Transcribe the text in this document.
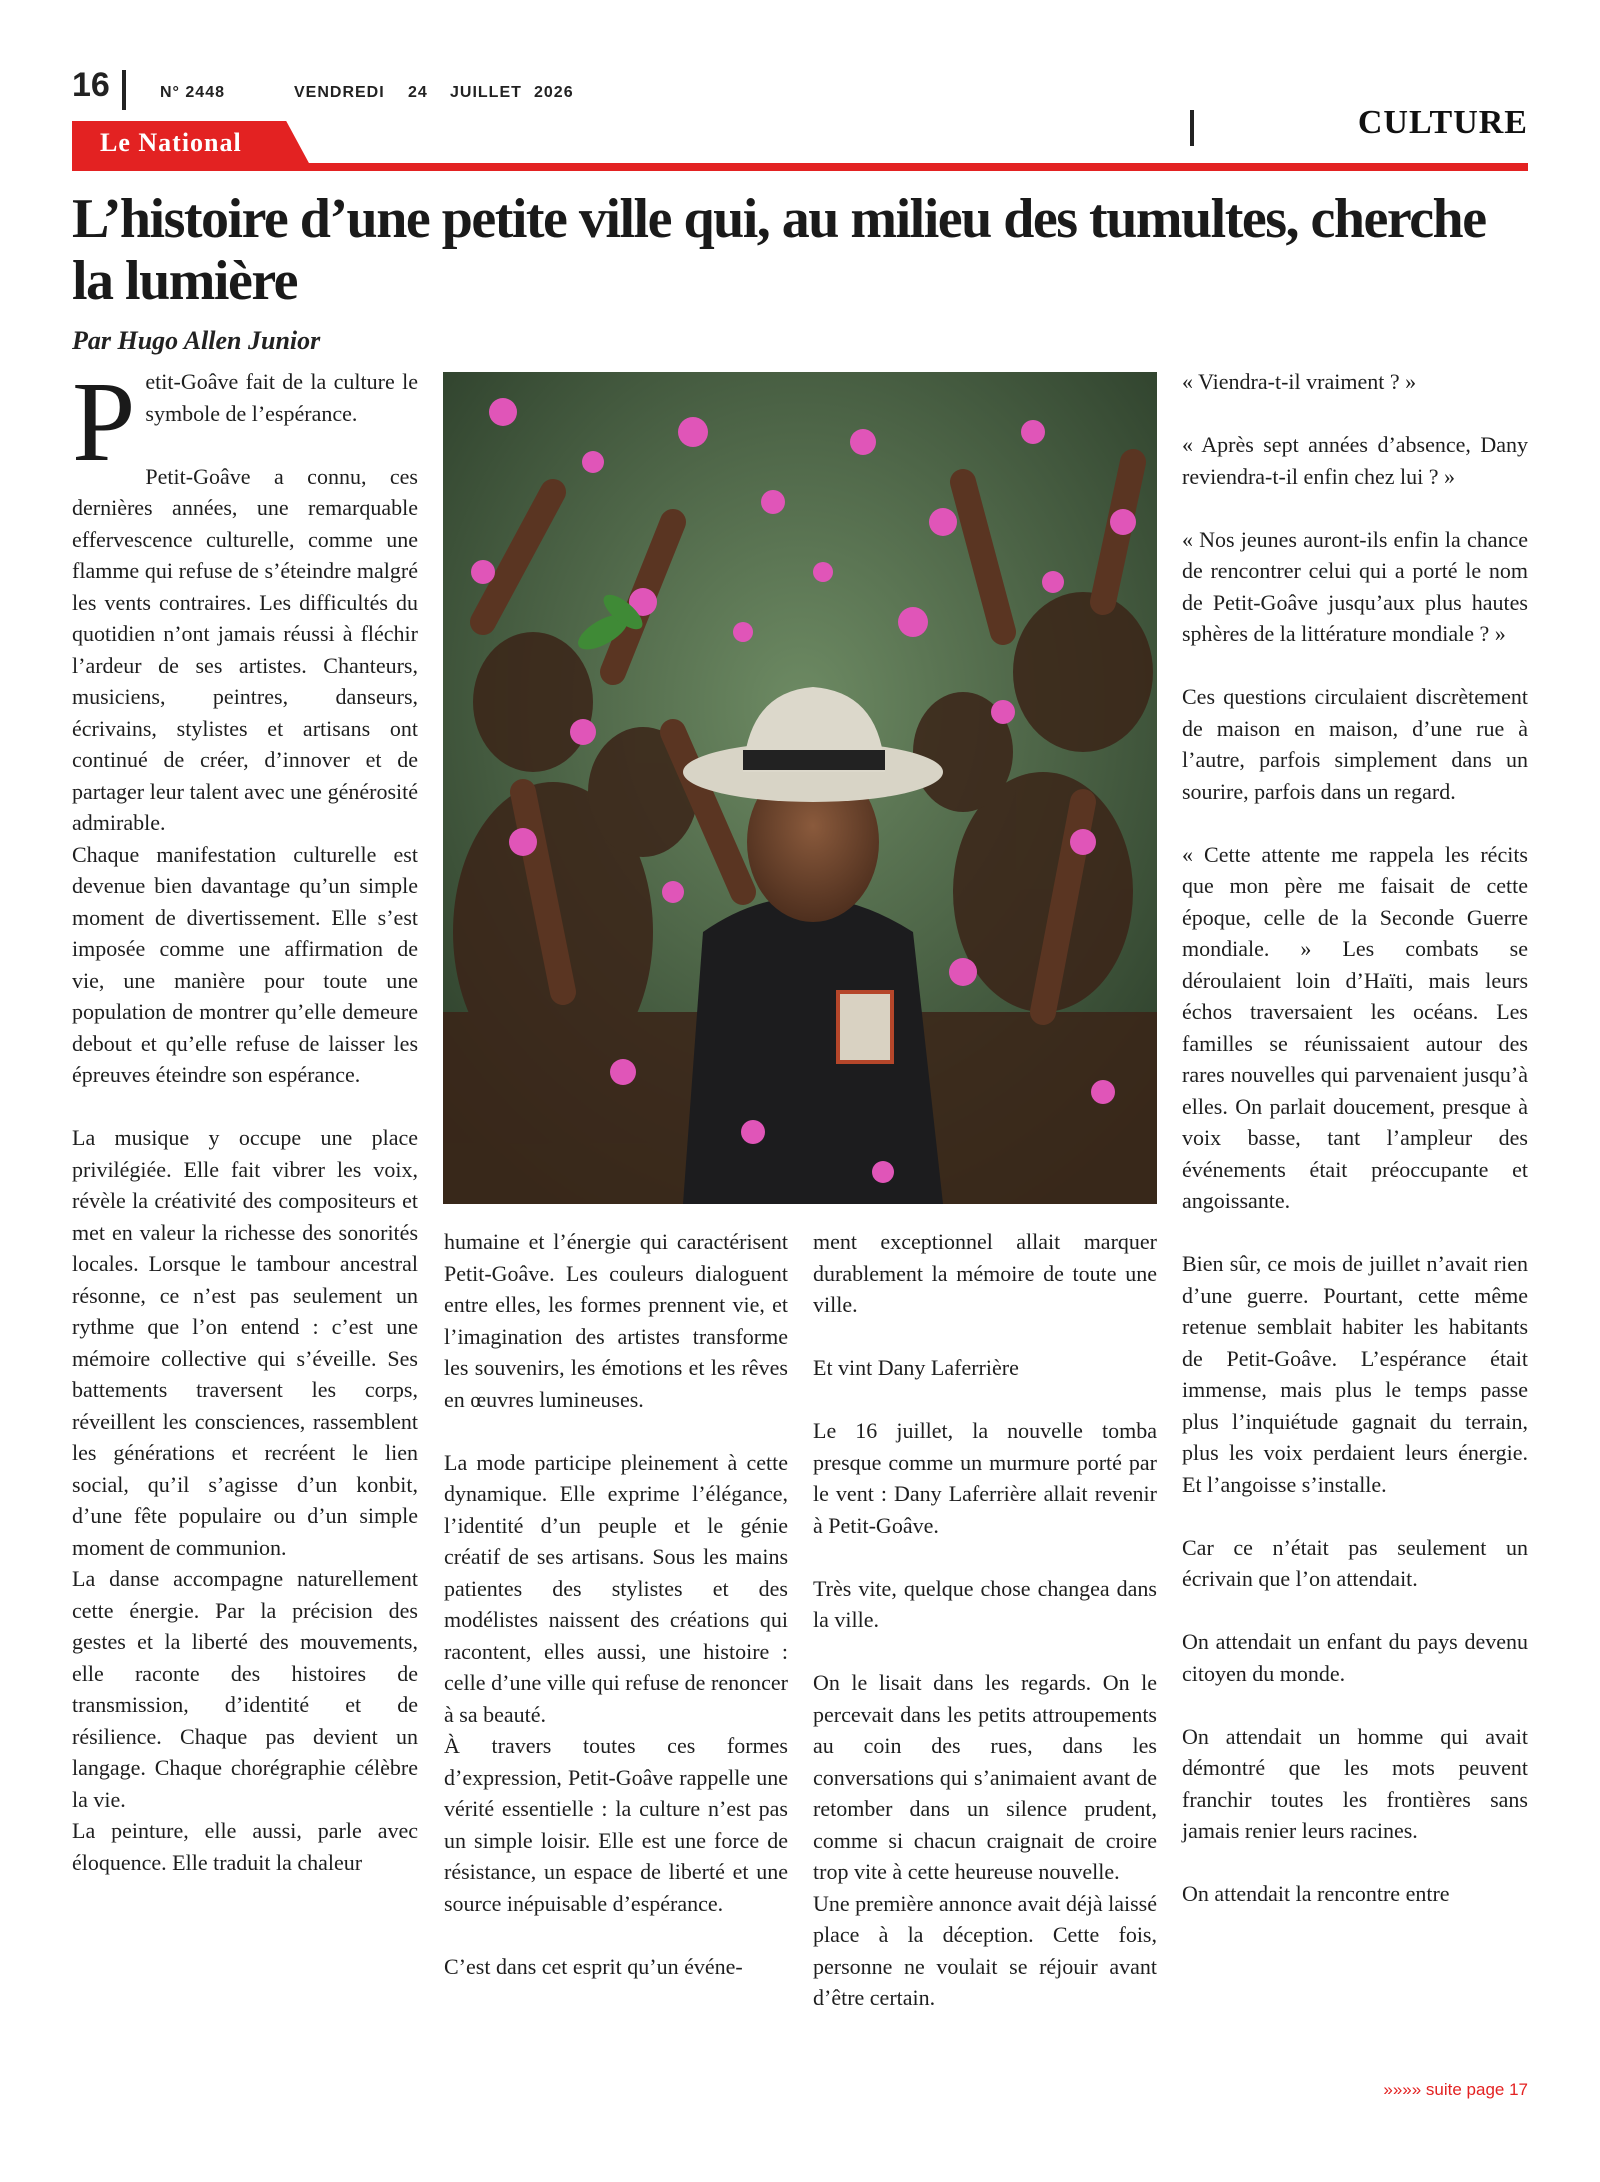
16	N° 2448	VENDREDI 24 JUILLET 2026
CULTURE
Le National
L’histoire d’une petite ville qui, au milieu des tumultes, cherche la lumière
Par Hugo Allen Junior

Petit-Goâve fait de la culture le symbole de l’espérance.

Petit-Goâve a connu, ces dernières années, une remarquable effervescence culturelle, comme une flamme qui refuse de s’éteindre malgré les vents contraires. Les difficultés du quotidien n’ont jamais réussi à fléchir l’ardeur de ses artistes. Chanteurs, musiciens, peintres, danseurs, écrivains, stylistes et artisans ont continué de créer, d’innover et de partager leur talent avec une générosité admirable.

Chaque manifestation culturelle est devenue bien davantage qu’un simple moment de divertissement. Elle s’est imposée comme une affirmation de vie, une manière pour toute une population de montrer qu’elle demeure debout et qu’elle refuse de laisser les épreuves éteindre son espérance.

La musique y occupe une place privilégiée. Elle fait vibrer les voix, révèle la créativité des compositeurs et met en valeur la richesse des sonorités locales. Lorsque le tambour ancestral résonne, ce n’est pas seulement un rythme que l’on entend : c’est une mémoire collective qui s’éveille. Ses battements traversent les corps, réveillent les consciences, rassemblent les générations et recréent le lien social, qu’il s’agisse d’un konbit, d’une fête populaire ou d’un simple moment de communion.

La danse accompagne naturellement cette énergie. Par la précision des gestes et la liberté des mouvements, elle raconte des histoires de transmission, d’identité et de résilience. Chaque pas devient un langage. Chaque chorégraphie célèbre la vie.

La peinture, elle aussi, parle avec éloquence. Elle traduit la chaleur

humaine et l’énergie qui caractérisent Petit-Goâve. Les couleurs dialoguent entre elles, les formes prennent vie, et l’imagination des artistes transforme les souvenirs, les émotions et les rêves en œuvres lumineuses.

La mode participe pleinement à cette dynamique. Elle exprime l’élégance, l’identité d’un peuple et le génie créatif de ses artisans. Sous les mains patientes des stylistes et des modélistes naissent des créations qui racontent, elles aussi, une histoire : celle d’une ville qui refuse de renoncer à sa beauté.

À travers toutes ces formes d’expression, Petit-Goâve rappelle une vérité essentielle : la culture n’est pas un simple loisir. Elle est une force de résistance, un espace de liberté et une source inépuisable d’espérance.

C’est dans cet esprit qu’un événe-

ment exceptionnel allait marquer durablement la mémoire de toute une ville.

Et vint Dany Laferrière

Le 16 juillet, la nouvelle tomba presque comme un murmure porté par le vent : Dany Laferrière allait revenir à Petit-Goâve.

Très vite, quelque chose changea dans la ville.

On le lisait dans les regards. On le percevait dans les petits attroupements au coin des rues, dans les conversations qui s’animaient avant de retomber dans un silence prudent, comme si chacun craignait de croire trop vite à cette heureuse nouvelle.

Une première annonce avait déjà laissé place à la déception. Cette fois, personne ne voulait se réjouir avant d’être certain.

« Viendra-t-il vraiment ? »

« Après sept années d’absence, Dany reviendra-t-il enfin chez lui ? »

« Nos jeunes auront-ils enfin la chance de rencontrer celui qui a porté le nom de Petit-Goâve jusqu’aux plus hautes sphères de la littérature mondiale ? »

Ces questions circulaient discrètement de maison en maison, d’une rue à l’autre, parfois simplement dans un sourire, parfois dans un regard.

« Cette attente me rappela les récits que mon père me faisait de cette époque, celle de la Seconde Guerre mondiale. » Les combats se déroulaient loin d’Haïti, mais leurs échos traversaient les océans. Les familles se réunissaient autour des rares nouvelles qui parvenaient jusqu’à elles. On parlait doucement, presque à voix basse, tant l’ampleur des événements était préoccupante et angoissante.

Bien sûr, ce mois de juillet n’avait rien d’une guerre. Pourtant, cette même retenue semblait habiter les habitants de Petit-Goâve. L’espérance était immense, mais plus le temps passe plus l’inquiétude gagnait du terrain, plus les voix perdaient leurs énergie. Et l’angoisse s’installe.

Car ce n’était pas seulement un écrivain que l’on attendait.

On attendait un enfant du pays devenu citoyen du monde.

On attendait un homme qui avait démontré que les mots peuvent franchir toutes les frontières sans jamais renier leurs racines.

On attendait la rencontre entre

»»»» suite page 17
